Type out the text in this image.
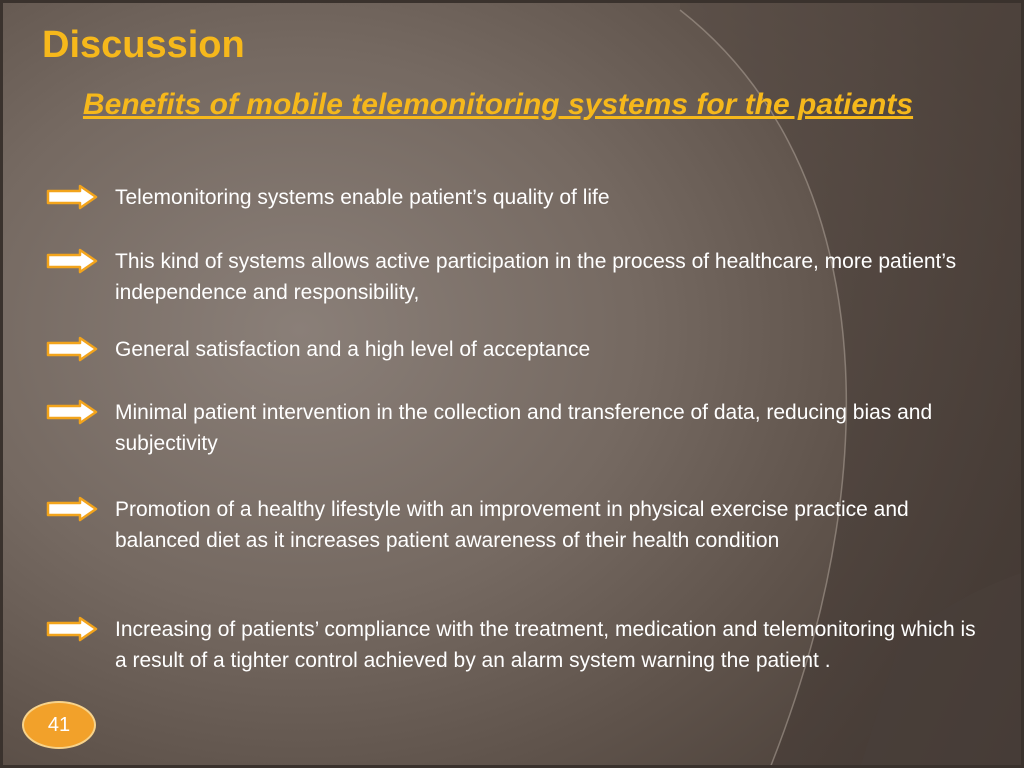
Discussion
Benefits of mobile telemonitoring systems for the patients
Telemonitoring systems enable patient’s quality of life
This kind of systems allows active participation in the process of healthcare, more patient’s independence and responsibility,
General satisfaction and a high level of acceptance
Minimal patient intervention in the collection and transference of data, reducing bias and subjectivity
Promotion of a healthy lifestyle with an improvement in physical exercise practice and balanced diet as it increases patient awareness of their health condition
Increasing of patients’ compliance with the treatment, medication and telemonitoring which is a result of a tighter control achieved by an alarm system warning the patient .
41
